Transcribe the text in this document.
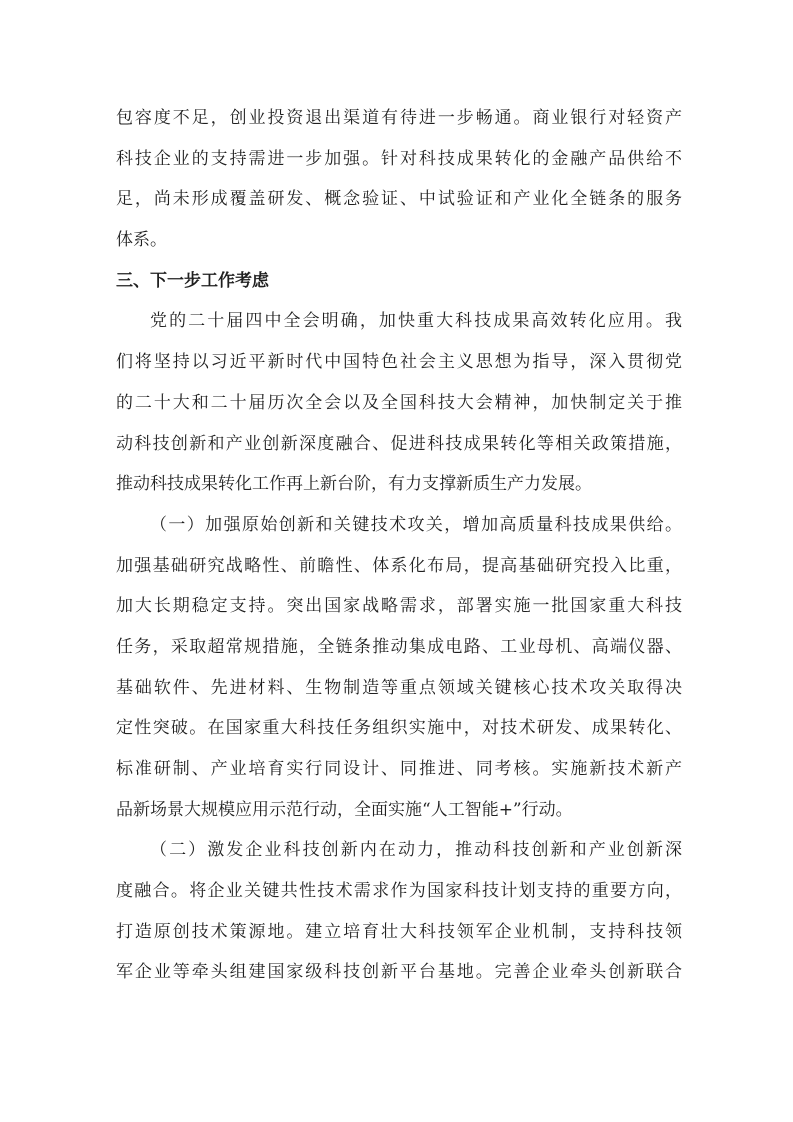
包容度不足，创业投资退出渠道有待进一步畅通。商业银行对轻资产
科技企业的支持需进一步加强。针对科技成果转化的金融产品供给不
足，尚未形成覆盖研发、概念验证、中试验证和产业化全链条的服务
体系。
三、下一步工作考虑
党的二十届四中全会明确，加快重大科技成果高效转化应用。我
们将坚持以习近平新时代中国特色社会主义思想为指导，深入贯彻党
的二十大和二十届历次全会以及全国科技大会精神，加快制定关于推
动科技创新和产业创新深度融合、促进科技成果转化等相关政策措施，
推动科技成果转化工作再上新台阶，有力支撑新质生产力发展。
（一）加强原始创新和关键技术攻关，增加高质量科技成果供给。
加强基础研究战略性、前瞻性、体系化布局，提高基础研究投入比重，
加大长期稳定支持。突出国家战略需求，部署实施一批国家重大科技
任务，采取超常规措施，全链条推动集成电路、工业母机、高端仪器、
基础软件、先进材料、生物制造等重点领域关键核心技术攻关取得决
定性突破。在国家重大科技任务组织实施中，对技术研发、成果转化、
标准研制、产业培育实行同设计、同推进、同考核。实施新技术新产
品新场景大规模应用示范行动，全面实施“人工智能+”行动。
（二）激发企业科技创新内在动力，推动科技创新和产业创新深
度融合。将企业关键共性技术需求作为国家科技计划支持的重要方向，
打造原创技术策源地。建立培育壮大科技领军企业机制，支持科技领
军企业等牵头组建国家级科技创新平台基地。完善企业牵头创新联合
